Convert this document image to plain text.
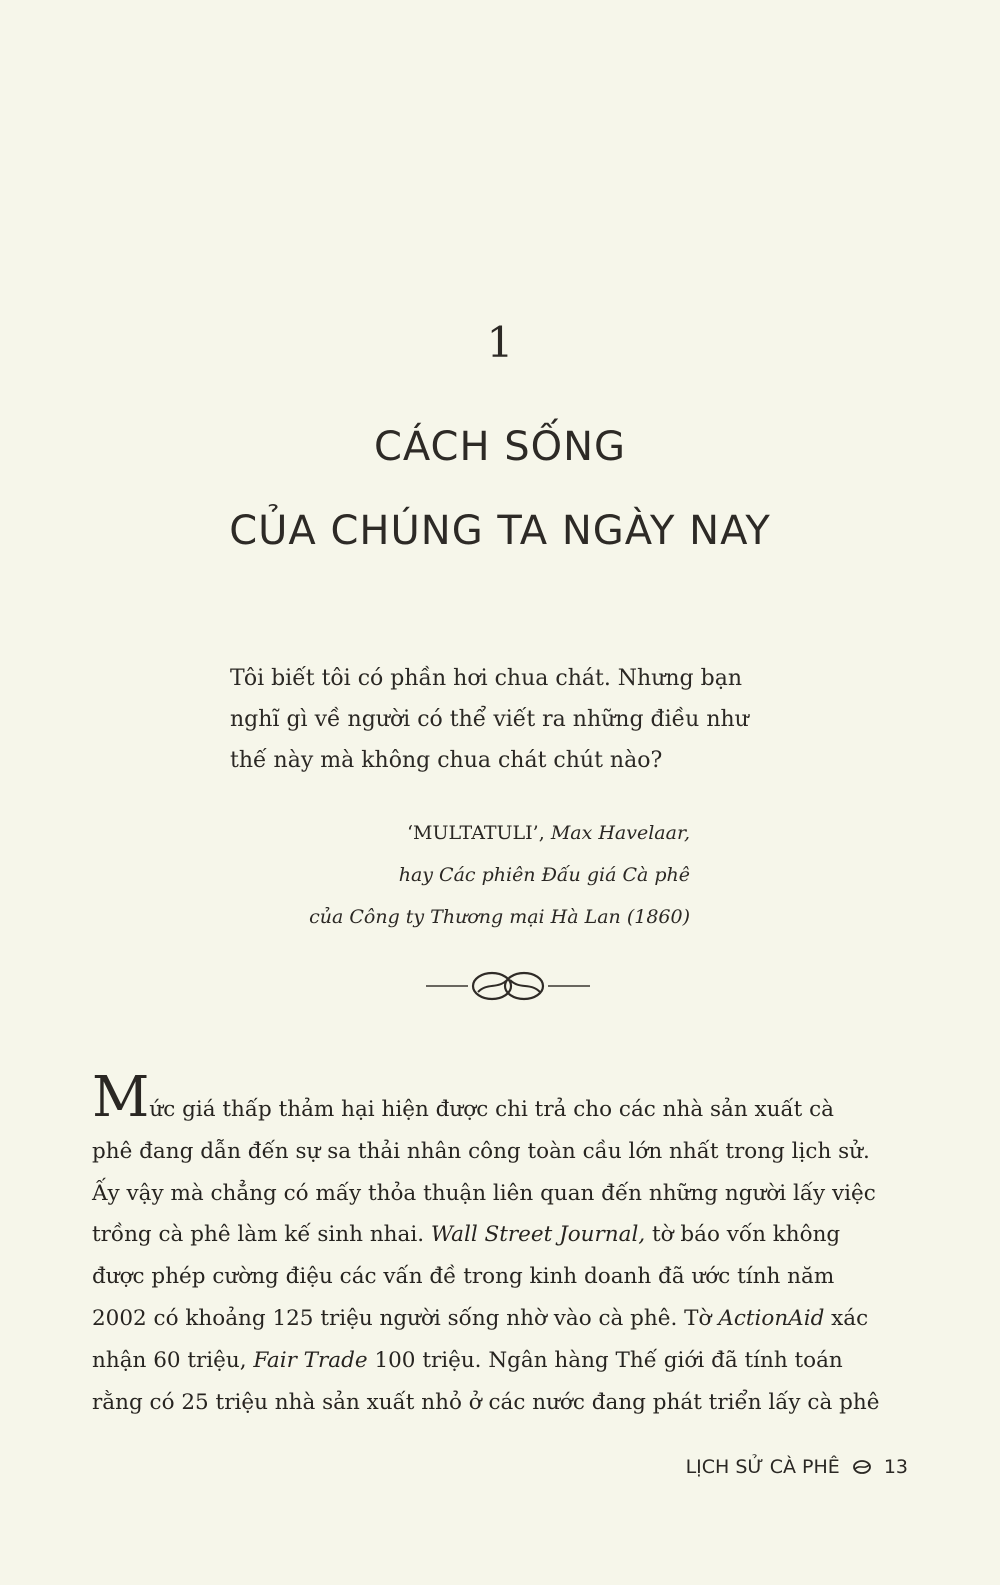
1
CÁCH SỐNG
CỦA CHÚNG TA NGÀY NAY
Tôi biết tôi có phần hơi chua chát. Nhưng bạn
nghĩ gì về người có thể viết ra những điều như
thế này mà không chua chát chút nào?
‘MULTATULI’, Max Havelaar,
hay Các phiên Đấu giá Cà phê
của Công ty Thương mại Hà Lan (1860)
Mức giá thấp thảm hại hiện được chi trả cho các nhà sản xuất cà
phê đang dẫn đến sự sa thải nhân công toàn cầu lớn nhất trong lịch sử.
Ấy vậy mà chẳng có mấy thỏa thuận liên quan đến những người lấy việc
trồng cà phê làm kế sinh nhai. Wall Street Journal, tờ báo vốn không
được phép cường điệu các vấn đề trong kinh doanh đã ước tính năm
2002 có khoảng 125 triệu người sống nhờ vào cà phê. Tờ ActionAid xác
nhận 60 triệu, Fair Trade 100 triệu. Ngân hàng Thế giới đã tính toán
rằng có 25 triệu nhà sản xuất nhỏ ở các nước đang phát triển lấy cà phê
LỊCH SỬ CÀ PHÊ 13
